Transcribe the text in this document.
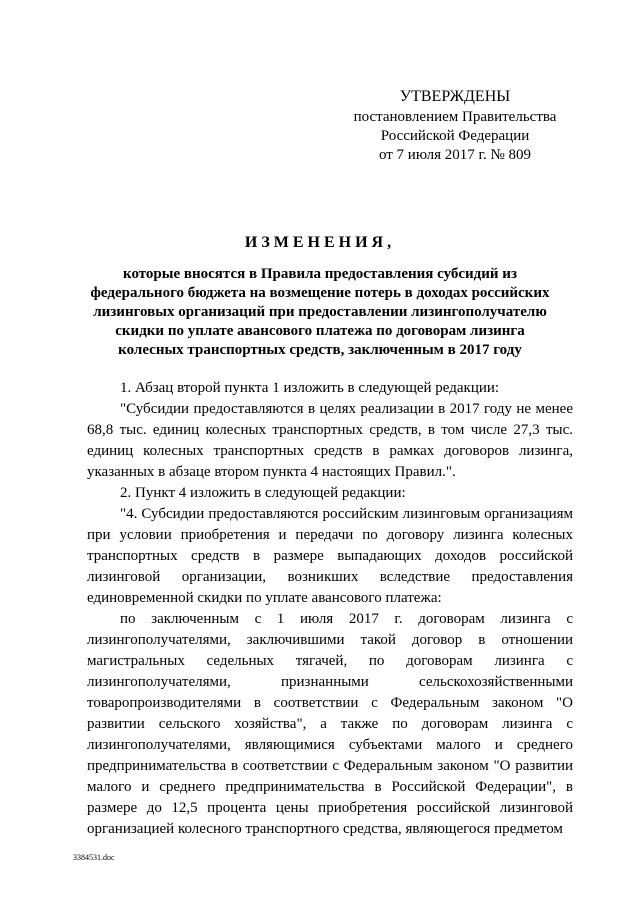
УТВЕРЖДЕНЫ
постановлением Правительства
Российской Федерации
от 7 июля 2017 г. № 809
ИЗМЕНЕНИЯ,
которые вносятся в Правила предоставления субсидий из федерального бюджета на возмещение потерь в доходах российских лизинговых организаций при предоставлении лизингополучателю скидки по уплате авансового платежа по договорам лизинга колесных транспортных средств, заключенным в 2017 году

1. Абзац второй пункта 1 изложить в следующей редакции:

"Субсидии предоставляются в целях реализации в 2017 году не менее 68,8 тыс. единиц колесных транспортных средств, в том числе 27,3 тыс. единиц колесных транспортных средств в рамках договоров лизинга, указанных в абзаце втором пункта 4 настоящих Правил.".

2. Пункт 4 изложить в следующей редакции:

"4. Субсидии предоставляются российским лизинговым организациям при условии приобретения и передачи по договору лизинга колесных транспортных средств в размере выпадающих доходов российской лизинговой организации, возникших вследствие предоставления единовременной скидки по уплате авансового платежа:

по заключенным с 1 июля 2017 г. договорам лизинга с лизингополучателями, заключившими такой договор в отношении магистральных седельных тягачей, по договорам лизинга с лизингополучателями, признанными сельскохозяйственными товаропроизводителями в соответствии с Федеральным законом "О развитии сельского хозяйства", а также по договорам лизинга с лизингополучателями, являющимися субъектами малого и среднего предпринимательства в соответствии с Федеральным законом "О развитии малого и среднего предпринимательства в Российской Федерации", в размере до 12,5 процента цены приобретения российской лизинговой организацией колесного транспортного средства, являющегося предметом

3384531.doc
